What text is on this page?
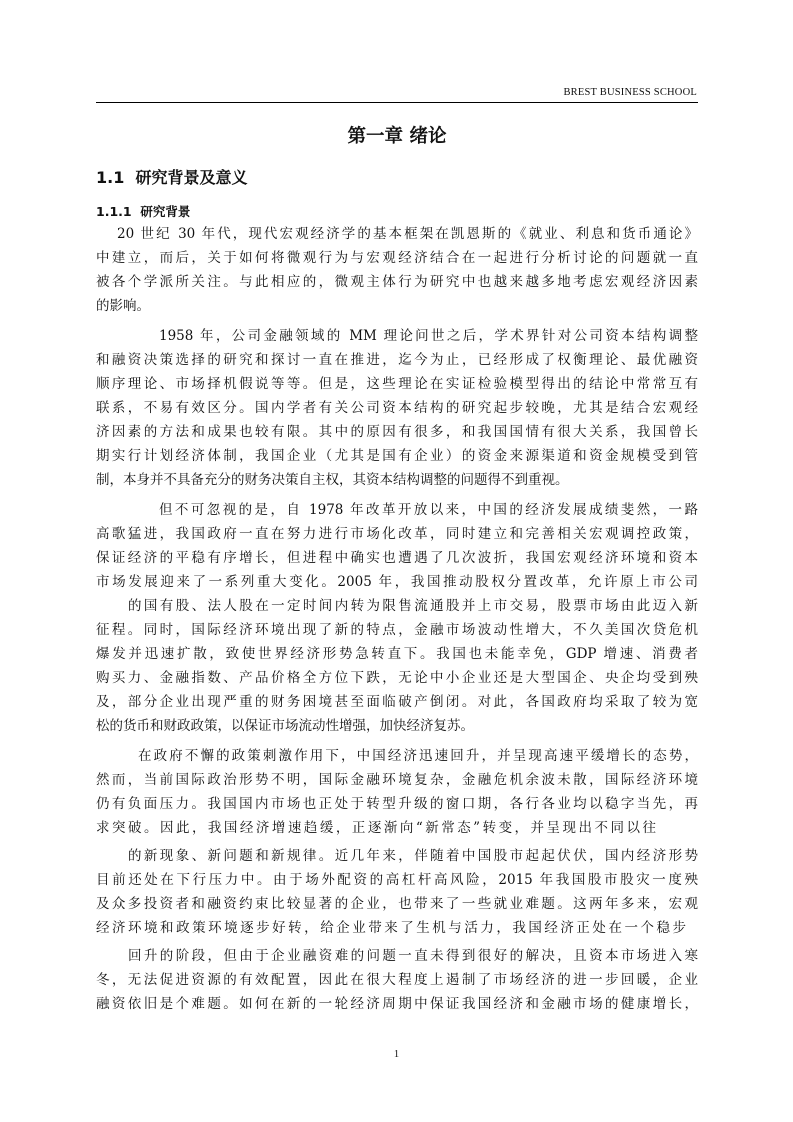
BREST BUSINESS SCHOOL
第一章 绪论
1.1 研究背景及意义
1.1.1 研究背景
20 世纪 30 年代，现代宏观经济学的基本框架在凯恩斯的《就业、利息和货币通论》
中建立，而后，关于如何将微观行为与宏观经济结合在一起进行分析讨论的问题就一直
被各个学派所关注。与此相应的，微观主体行为研究中也越来越多地考虑宏观经济因素
的影响。
1958 年，公司金融领域的 MM 理论问世之后，学术界针对公司资本结构调整
和融资决策选择的研究和探讨一直在推进，迄今为止，已经形成了权衡理论、最优融资
顺序理论、市场择机假说等等。但是，这些理论在实证检验模型得出的结论中常常互有
联系，不易有效区分。国内学者有关公司资本结构的研究起步较晚，尤其是结合宏观经
济因素的方法和成果也较有限。其中的原因有很多，和我国国情有很大关系，我国曾长
期实行计划经济体制，我国企业（尤其是国有企业）的资金来源渠道和资金规模受到管
制，本身并不具备充分的财务决策自主权，其资本结构调整的问题得不到重视。
但不可忽视的是，自 1978 年改革开放以来，中国的经济发展成绩斐然，一路
高歌猛进，我国政府一直在努力进行市场化改革，同时建立和完善相关宏观调控政策，
保证经济的平稳有序增长，但进程中确实也遭遇了几次波折，我国宏观经济环境和资本
市场发展迎来了一系列重大变化。2005 年，我国推动股权分置改革，允许原上市公司
的国有股、法人股在一定时间内转为限售流通股并上市交易，股票市场由此迈入新
征程。同时，国际经济环境出现了新的特点，金融市场波动性增大，不久美国次贷危机
爆发并迅速扩散，致使世界经济形势急转直下。我国也未能幸免，GDP 增速、消费者
购买力、金融指数、产品价格全方位下跌，无论中小企业还是大型国企、央企均受到殃
及，部分企业出现严重的财务困境甚至面临破产倒闭。对此，各国政府均采取了较为宽
松的货币和财政政策，以保证市场流动性增强，加快经济复苏。
在政府不懈的政策刺激作用下，中国经济迅速回升，并呈现高速平缓增长的态势，
然而，当前国际政治形势不明，国际金融环境复杂，金融危机余波未散，国际经济环境
仍有负面压力。我国国内市场也正处于转型升级的窗口期，各行各业均以稳字当先，再
求突破。因此，我国经济增速趋缓，正逐渐向“新常态”转变，并呈现出不同以往
的新现象、新问题和新规律。近几年来，伴随着中国股市起起伏伏，国内经济形势
目前还处在下行压力中。由于场外配资的高杠杆高风险，2015 年我国股市股灾一度殃
及众多投资者和融资约束比较显著的企业，也带来了一些就业难题。这两年多来，宏观
经济环境和政策环境逐步好转，给企业带来了生机与活力，我国经济正处在一个稳步
回升的阶段，但由于企业融资难的问题一直未得到很好的解决，且资本市场进入寒
冬，无法促进资源的有效配置，因此在很大程度上遏制了市场经济的进一步回暖，企业
融资依旧是个难题。如何在新的一轮经济周期中保证我国经济和金融市场的健康增长，
1
